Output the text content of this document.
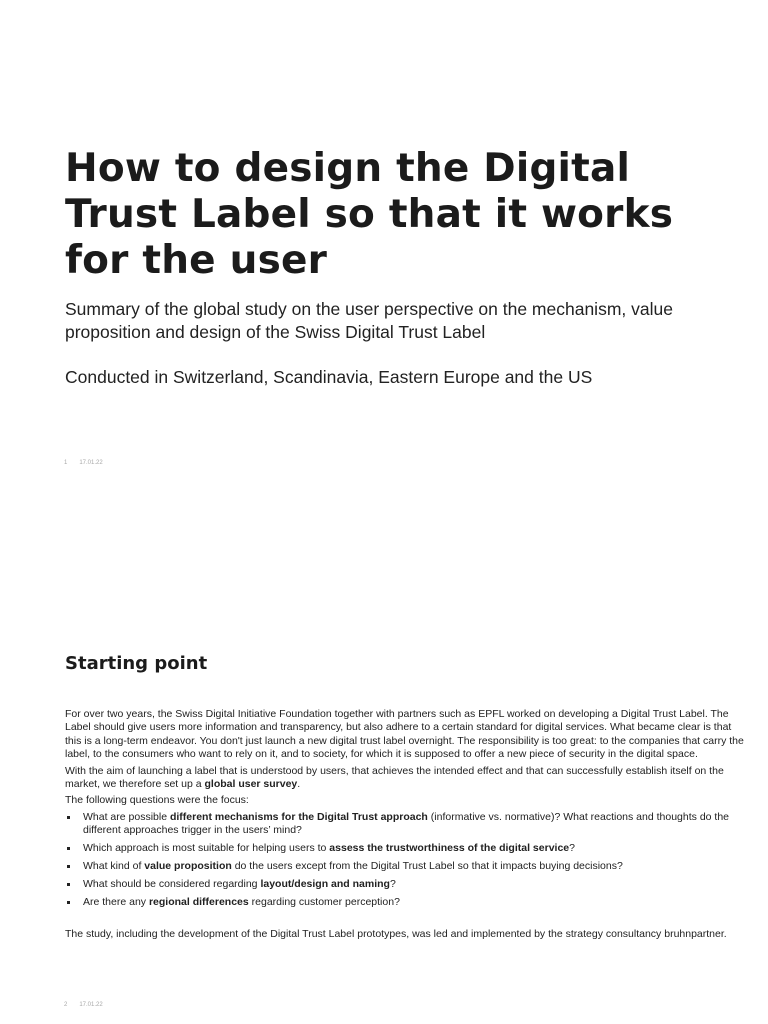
How to design the Digital Trust Label so that it works for the user

Summary of the global study on the user perspective on the mechanism, value proposition and design of the Swiss Digital Trust Label

Conducted in Switzerland, Scandinavia, Eastern Europe and the US

1 17.01.22
Starting point

For over two years, the Swiss Digital Initiative Foundation together with partners such as EPFL worked on developing a Digital Trust Label. The Label should give users more information and transparency, but also adhere to a certain standard for digital services. What became clear is that this is a long-term endeavor. You don't just launch a new digital trust label overnight. The responsibility is too great: to the companies that carry the label, to the consumers who want to rely on it, and to society, for which it is supposed to offer a new piece of security in the digital space.

With the aim of launching a label that is understood by users, that achieves the intended effect and that can successfully establish itself on the market, we therefore set up a global user survey.

The following questions were the focus:

What are possible different mechanisms for the Digital Trust approach (informative vs. normative)? What reactions and thoughts do the different approaches trigger in the users’ mind?
Which approach is most suitable for helping users to assess the trustworthiness of the digital service?
What kind of value proposition do the users except from the Digital Trust Label so that it impacts buying decisions?
What should be considered regarding layout/design and naming?
Are there any regional differences regarding customer perception?

The study, including the development of the Digital Trust Label prototypes, was led and implemented by the strategy consultancy bruhnpartner.

2 17.01.22
